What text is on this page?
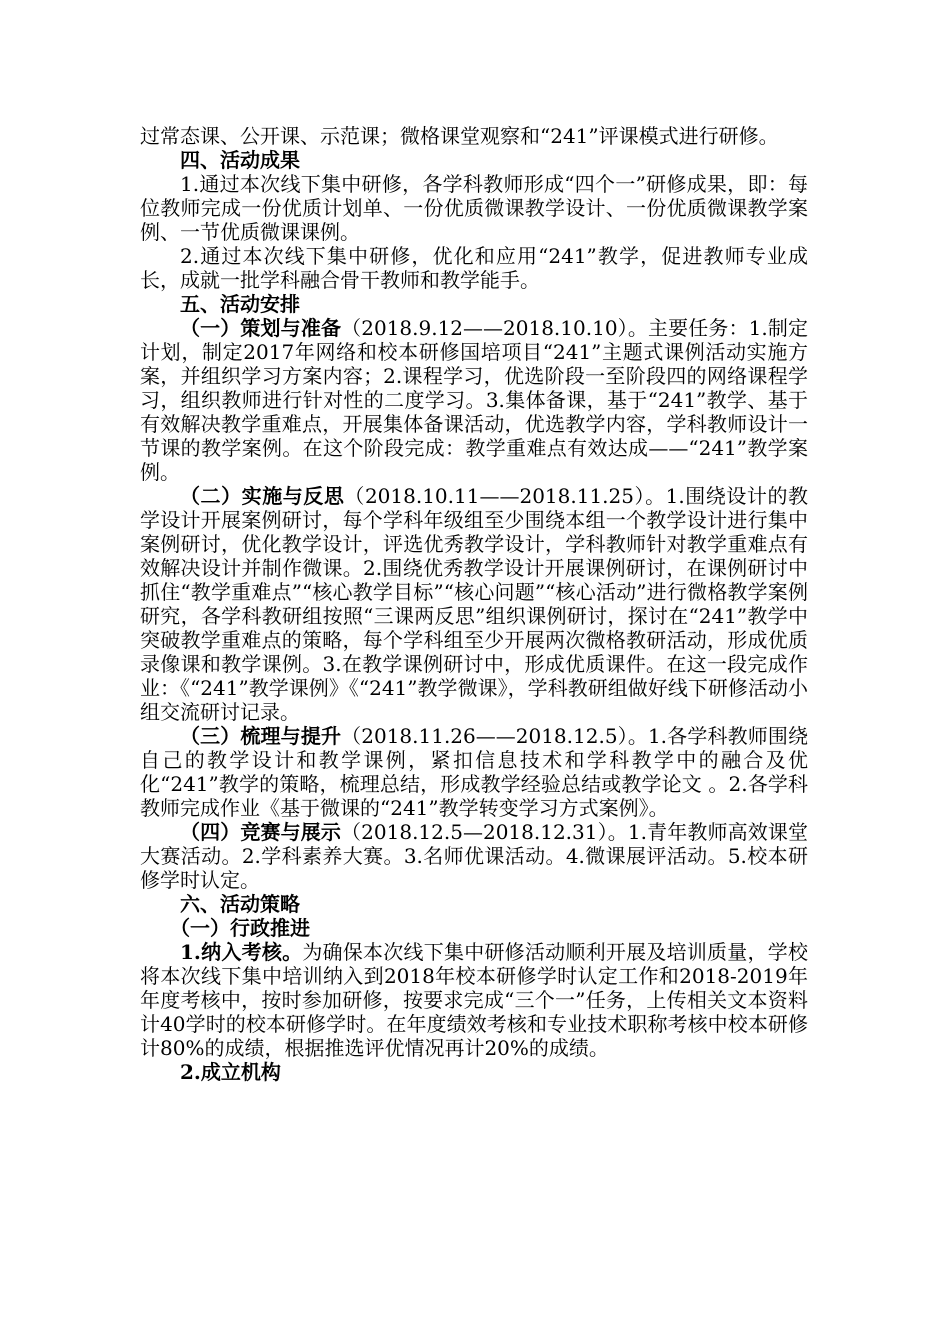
过常态课、公开课、示范课；微格课堂观察和“241”评课模式进行研修。

四、活动成果

1.通过本次线下集中研修，各学科教师形成“四个一”研修成果，即：每位教师完成一份优质计划单、一份优质微课教学设计、一份优质微课教学案例、一节优质微课课例。

2.通过本次线下集中研修，优化和应用“241”教学，促进教师专业成长，成就一批学科融合骨干教师和教学能手。

五、活动安排

（一）策划与准备（2018.9.12——2018.10.10）。主要任务：1.制定计划，制定2017年网络和校本研修国培项目“241”主题式课例活动实施方案，并组织学习方案内容；2.课程学习，优选阶段一至阶段四的网络课程学习，组织教师进行针对性的二度学习。3.集体备课，基于“241”教学、基于有效解决教学重难点，开展集体备课活动，优选教学内容，学科教师设计一节课的教学案例。在这个阶段完成：教学重难点有效达成——“241”教学案例。

（二）实施与反思（2018.10.11——2018.11.25）。1.围绕设计的教学设计开展案例研讨，每个学科年级组至少围绕本组一个教学设计进行集中案例研讨，优化教学设计，评选优秀教学设计，学科教师针对教学重难点有效解决设计并制作微课。2.围绕优秀教学设计开展课例研讨，在课例研讨中抓住“教学重难点”“核心教学目标”“核心问题”“核心活动”进行微格教学案例研究，各学科教研组按照“三课两反思”组织课例研讨，探讨在“241”教学中突破教学重难点的策略，每个学科组至少开展两次微格教研活动，形成优质录像课和教学课例。3.在教学课例研讨中，形成优质课件。在这一段完成作业：《“241”教学课例》《“241”教学微课》，学科教研组做好线下研修活动小组交流研讨记录。

（三）梳理与提升（2018.11.26——2018.12.5）。1.各学科教师围绕自己的教学设计和教学课例，紧扣信息技术和学科教学中的融合及优化“241”教学的策略，梳理总结，形成教学经验总结或教学论文 。2.各学科教师完成作业《基于微课的“241”教学转变学习方式案例》。

（四）竞赛与展示（2018.12.5—2018.12.31）。1.青年教师高效课堂大赛活动。2.学科素养大赛。3.名师优课活动。4.微课展评活动。5.校本研修学时认定。

六、活动策略

（一）行政推进

1.纳入考核。为确保本次线下集中研修活动顺利开展及培训质量，学校将本次线下集中培训纳入到2018年校本研修学时认定工作和2018-2019年年度考核中，按时参加研修，按要求完成“三个一”任务，上传相关文本资料计40学时的校本研修学时。在年度绩效考核和专业技术职称考核中校本研修计80%的成绩，根据推选评优情况再计20%的成绩。

2.成立机构
